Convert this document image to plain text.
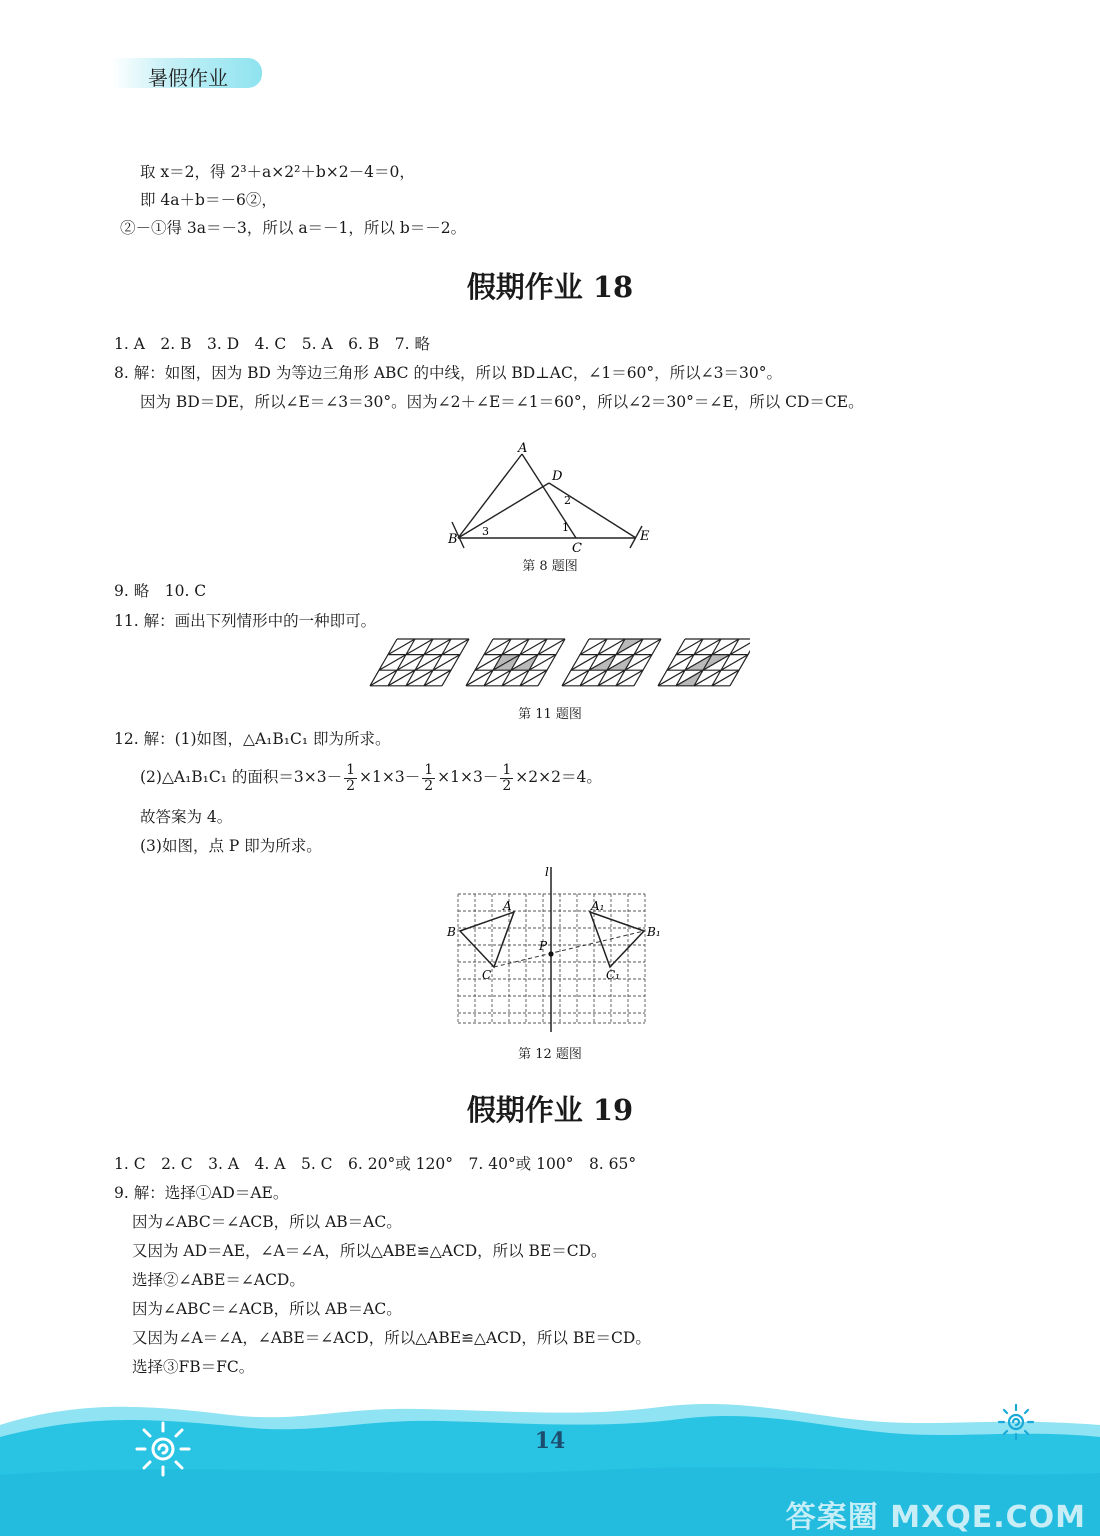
暑假作业
取 x＝2，得 2³＋a×2²＋b×2－4＝0，
即 4a＋b＝－6②，
②－①得 3a＝－3，所以 a＝－1，所以 b＝－2。
假期作业 18
1. A　2. B　3. D　4. C　5. A　6. B　7. 略
8. 解：如图，因为 BD 为等边三角形 ABC 的中线，所以 BD⊥AC，∠1＝60°，所以∠3＝30°。
因为 BD＝DE，所以∠E＝∠3＝30°。因为∠2＋∠E＝∠1＝60°，所以∠2＝30°＝∠E，所以 CD＝CE。
A
B
C
D
E
1
2
3
第 8 题图
9. 略　10. C
11. 解：画出下列情形中的一种即可。
第 11 题图
12. 解：(1)如图，△A₁B₁C₁ 即为所求。
(2)△A₁B₁C₁ 的面积$=3\times 3- \frac{1}{2} \times 1\times 3- \frac{1}{2} \times 1\times 3- \frac{1}{2} \times 2\times 2=4$。
故答案为 4。
(3)如图，点 P 即为所求。
l
A
B
C
P
A₁
B₁
C₁
第 12 题图
假期作业 19
1. C　2. C　3. A　4. A　5. C　6. 20°或 120°　7. 40°或 100°　8. 65°
9. 解：选择①AD＝AE。
因为∠ABC＝∠ACB，所以 AB＝AC。
又因为 AD＝AE，∠A＝∠A，所以△ABE≌△ACD，所以 BE＝CD。
选择②∠ABE＝∠ACD。
因为∠ABC＝∠ACB，所以 AB＝AC。
又因为∠A＝∠A，∠ABE＝∠ACD，所以△ABE≌△ACD，所以 BE＝CD。
选择③FB＝FC。
14
答案圈 MXQE.COM
